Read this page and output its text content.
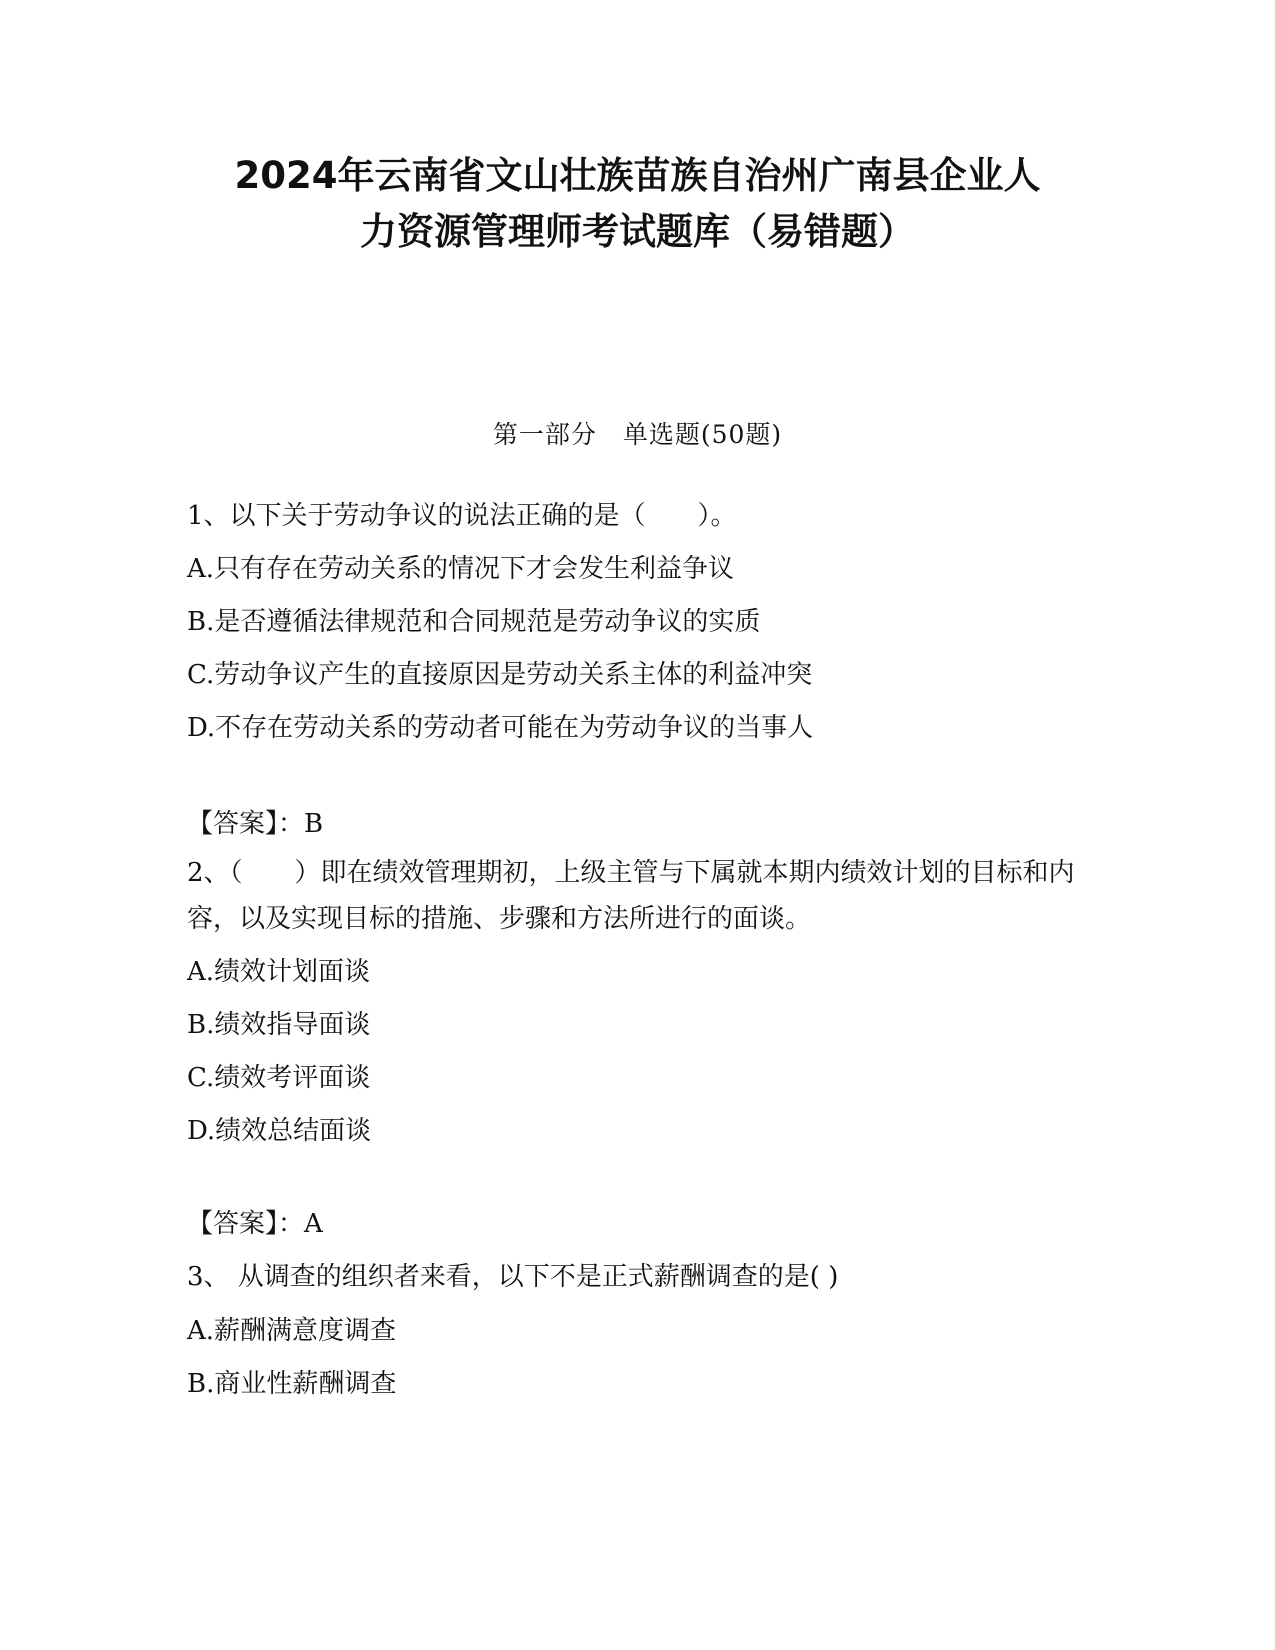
2024年云南省文山壮族苗族自治州广南县企业人
力资源管理师考试题库（易错题）
第一部分　单选题(50题)
1、以下关于劳动争议的说法正确的是（　　）。
A.只有存在劳动关系的情况下才会发生利益争议
B.是否遵循法律规范和合同规范是劳动争议的实质
C.劳动争议产生的直接原因是劳动关系主体的利益冲突
D.不存在劳动关系的劳动者可能在为劳动争议的当事人
【答案】：B
2、（　　）即在绩效管理期初，上级主管与下属就本期内绩效计划的目标和内容，以及实现目标的措施、步骤和方法所进行的面谈。
A.绩效计划面谈
B.绩效指导面谈
C.绩效考评面谈
D.绩效总结面谈
【答案】：A
3、 从调查的组织者来看，以下不是正式薪酬调查的是( )
A.薪酬满意度调查
B.商业性薪酬调查
